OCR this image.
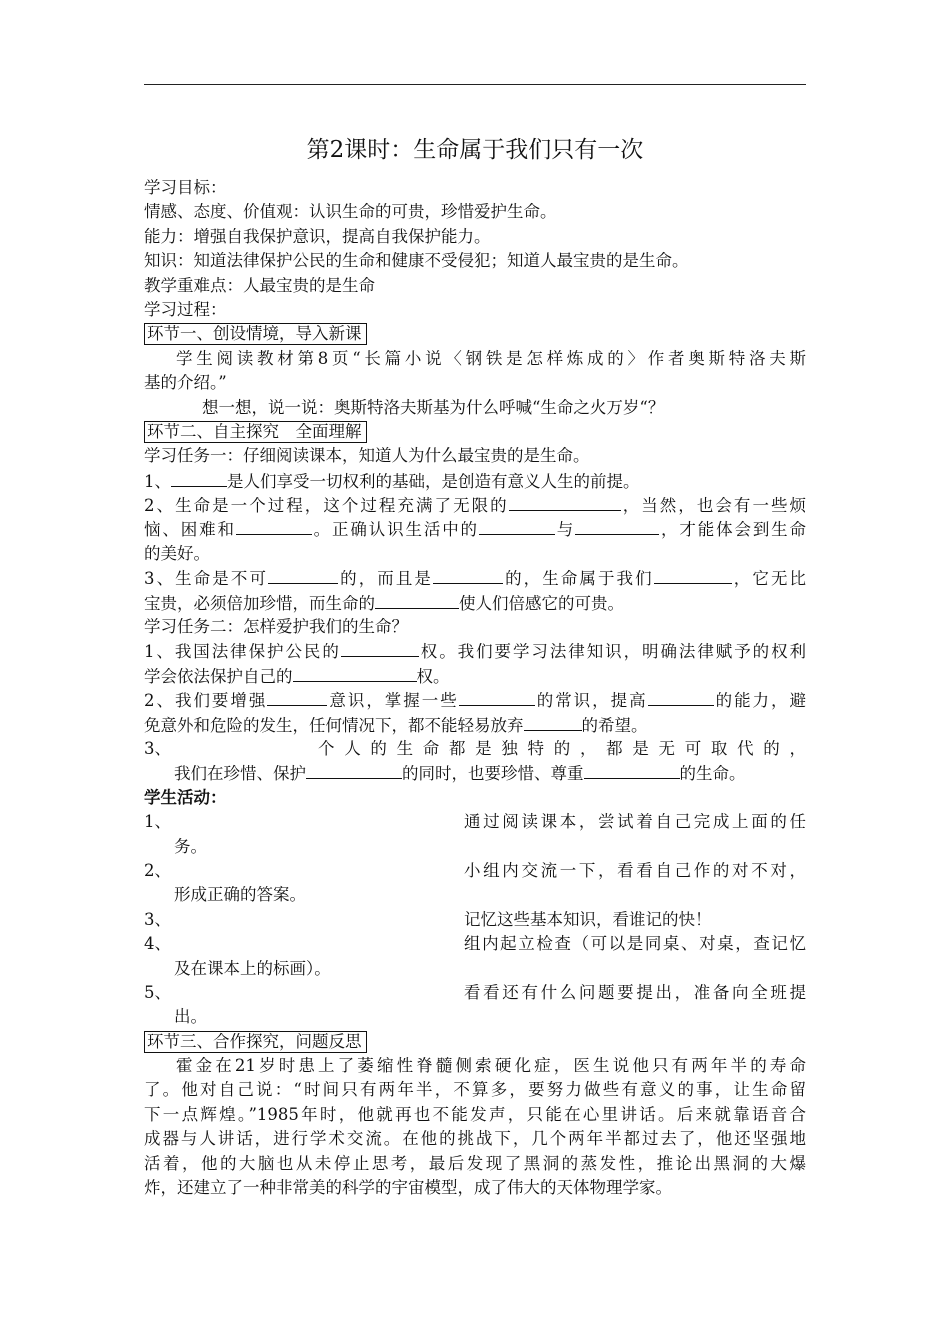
第2课时：生命属于我们只有一次
学习目标：
情感、态度、价值观：认识生命的可贵，珍惜爱护生命。
能力：增强自我保护意识，提高自我保护能力。
知识：知道法律保护公民的生命和健康不受侵犯；知道人最宝贵的是生命。
教学重难点：人最宝贵的是生命
学习过程：
环节一、创设情境，导入新课
学生阅读教材第8页“长篇小说〈钢铁是怎样炼成的〉作者奥斯特洛夫斯
基的介绍。”
想一想，说一说：奥斯特洛夫斯基为什么呼喊“生命之火万岁“？
环节二、自主探究　全面理解
学习任务一：仔细阅读课本，知道人为什么最宝贵的是生命。
1、	是人们享受一切权利的基础，是创造有意义人生的前提。
2、生命是一个过程，这个过程充满了无限的	，当然，也会有一些烦
恼、困难和	。正确认识生活中的	与	，才能体会到生命
的美好。
3、生命是不可	的，而且是	的，生命属于我们	，它无比
宝贵，必须倍加珍惜，而生命的	使人们倍感它的可贵。
学习任务二：怎样爱护我们的生命？
1、我国法律保护公民的	权。我们要学习法律知识，明确法律赋予的权利
学会依法保护自己的	权。
2、我们要增强	意识，掌握一些	的常识，提高	的能力，避
免意外和危险的发生，任何情况下，都不能轻易放弃	的希望。
3、	个人的生命都是独特的，都是无可取代的，
我们在珍惜、保护	的同时，也要珍惜、尊重	的生命。
学生活动：
1、	通过阅读课本，尝试着自己完成上面的任
务。
2、	小组内交流一下，看看自己作的对不对，
形成正确的答案。
3、	记忆这些基本知识，看谁记的快！
4、	组内起立检查（可以是同桌、对桌，查记忆
及在课本上的标画）。
5、	看看还有什么问题要提出，准备向全班提
出。
环节三、合作探究，问题反思
霍金在21岁时患上了萎缩性脊髓侧索硬化症，医生说他只有两年半的寿命
了。他对自己说：“时间只有两年半，不算多，要努力做些有意义的事，让生命留
下一点辉煌。”1985年时，他就再也不能发声，只能在心里讲话。后来就靠语音合
成器与人讲话，进行学术交流。在他的挑战下，几个两年半都过去了，他还坚强地
活着，他的大脑也从未停止思考，最后发现了黑洞的蒸发性，推论出黑洞的大爆
炸，还建立了一种非常美的科学的宇宙模型，成了伟大的天体物理学家。
